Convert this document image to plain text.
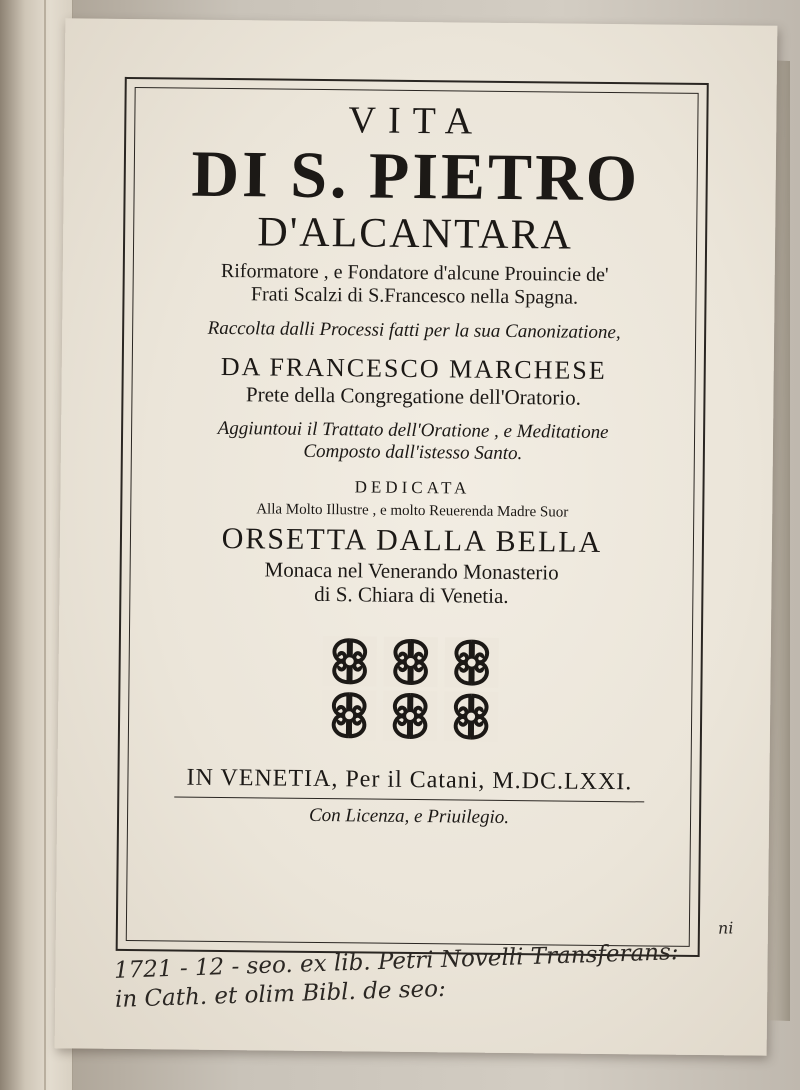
VITA
DI S. PIETRO
D'ALCANTARA
Riformatore , e Fondatore d'alcune Prouincie de'
Frati Scalzi di S.Francesco nella Spagna.
Raccolta dalli Processi fatti per la sua Canonizatione,
DA FRANCESCO MARCHESE
Prete della Congregatione dell'Oratorio.
Aggiuntoui il Trattato dell'Oratione , e Meditatione
Composto dall'istesso Santo.
DEDICATA
Alla Molto Illustre , e molto Reuerenda Madre Suor
ORSETTA DALLA BELLA
Monaca nel Venerando Monasterio
di S. Chiara di Venetia.
IN VENETIA, Per il Catani, M.DC.LXXI.
Con Licenza, e Priuilegio.
ni
1721 - 12 - seo. ex lib. Petri Novelli Transferans:
in Cath. et olim Bibl. de seo:
